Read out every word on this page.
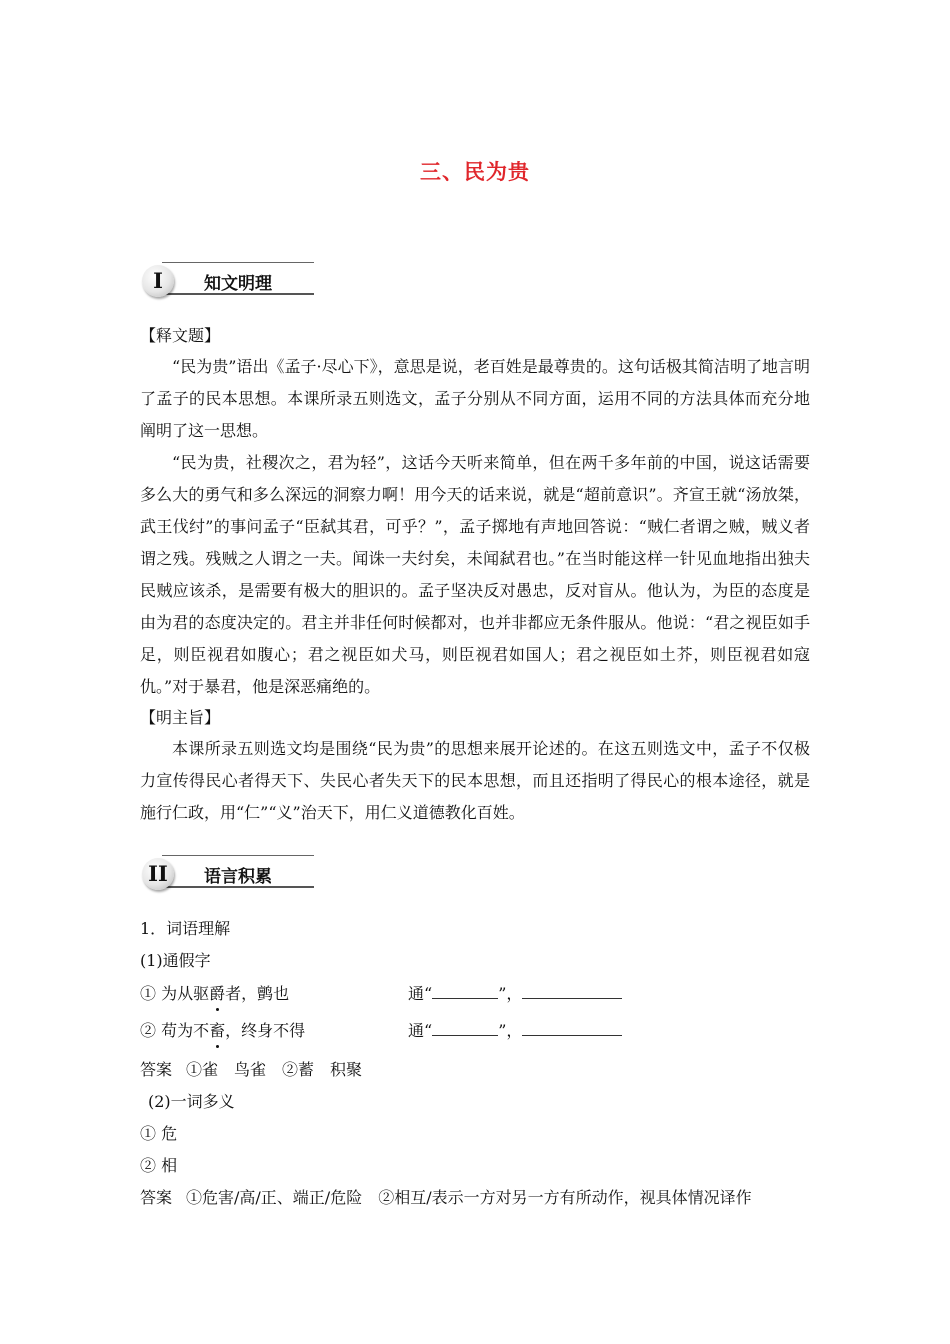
三、民为贵
I	知文明理
【释文题】

“民为贵”语出《孟子·尽心下》，意思是说，老百姓是最尊贵的。这句话极其简洁明了地言明了孟子的民本思想。本课所录五则选文，孟子分别从不同方面，运用不同的方法具体而充分地阐明了这一思想。

“民为贵，社稷次之，君为轻”，这话今天听来简单，但在两千多年前的中国，说这话需要多么大的勇气和多么深远的洞察力啊！用今天的话来说，就是“超前意识”。齐宣王就“汤放桀，武王伐纣”的事问孟子“臣弑其君，可乎？”，孟子掷地有声地回答说：“贼仁者谓之贼，贼义者谓之残。残贼之人谓之一夫。闻诛一夫纣矣，未闻弑君也。”在当时能这样一针见血地指出独夫民贼应该杀，是需要有极大的胆识的。孟子坚决反对愚忠，反对盲从。他认为，为臣的态度是由为君的态度决定的。君主并非任何时候都对，也并非都应无条件服从。他说：“君之视臣如手足，则臣视君如腹心；君之视臣如犬马，则臣视君如国人；君之视臣如土芥，则臣视君如寇仇。”对于暴君，他是深恶痛绝的。

【明主旨】

本课所录五则选文均是围绕“民为贵”的思想来展开论述的。在这五则选文中，孟子不仅极力宣传得民心者得天下、失民心者失天下的民本思想，而且还指明了得民心的根本途径，就是施行仁政，用“仁”“义”治天下，用仁义道德教化百姓。

II	语言积累
1．词语理解
(1)通假字
① 为从驱爵者，鹯也	通“	”，
② 苟为不畜，终身不得	通“	”，
答案 ①雀　鸟雀　②蓄　积聚
(2)一词多义
① 危
② 相
答案 ①危害/高/正、端正/危险　②相互/表示一方对另一方有所动作，视具体情况译作
